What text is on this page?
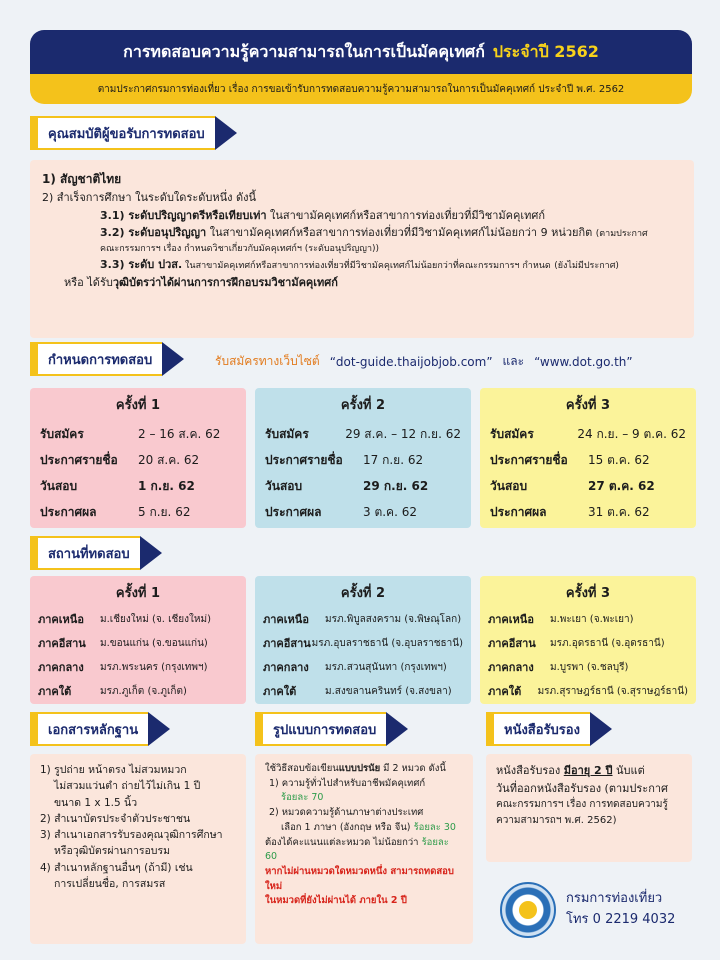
การทดสอบความรู้ความสามารถในการเป็นมัคคุเทศก์ ประจำปี 2562
ตามประกาศกรมการท่องเที่ยว เรื่อง การขอเข้ารับการทดสอบความรู้ความสามารถในการเป็นมัคคุเทศก์ ประจำปี พ.ศ. 2562
คุณสมบัติผู้ขอรับการทดสอบ
1) สัญชาติไทย
2) สำเร็จการศึกษา ในระดับใดระดับหนึ่ง ดังนี้
3.1) ระดับปริญญาตรีหรือเทียบเท่า ในสาขามัคคุเทศก์หรือสาขาการท่องเที่ยวที่มีวิชามัคคุเทศก์
3.2) ระดับอนุปริญญา ในสาขามัคคุเทศก์หรือสาขาการท่องเที่ยวที่มีวิชามัคคุเทศก์ไม่น้อยกว่า 9 หน่วยกิต (ตามประกาศ
คณะกรรมการฯ เรื่อง กำหนดวิชาเกี่ยวกับมัคคุเทศก์ฯ (ระดับอนุปริญญา))
3.3) ระดับ ปวส. ในสาขามัคคุเทศก์หรือสาขาการท่องเที่ยวที่มีวิชามัคคุเทศก์ไม่น้อยกว่าที่คณะกรรมการฯ กำหนด (ยังไม่มีประกาศ)
หรือ ได้รับวุฒิบัตรว่าได้ผ่านการการฝึกอบรมวิชามัคคุเทศก์
กำหนดการทดสอบ	รับสมัครทางเว็บไซต์ “dot-guide.thaijobjob.com” และ “www.dot.go.th”
ครั้งที่ 1
รับสมัคร	2 – 16 ส.ค. 62
ประกาศรายชื่อ	20 ส.ค. 62
วันสอบ	1 ก.ย. 62
ประกาศผล	5 ก.ย. 62
ครั้งที่ 2
รับสมัคร	29 ส.ค. – 12 ก.ย. 62
ประกาศรายชื่อ	17 ก.ย. 62
วันสอบ	29 ก.ย. 62
ประกาศผล	3 ต.ค. 62
ครั้งที่ 3
รับสมัคร	24 ก.ย. – 9 ต.ค. 62
ประกาศรายชื่อ	15 ต.ค. 62
วันสอบ	27 ต.ค. 62
ประกาศผล	31 ต.ค. 62
สถานที่ทดสอบ
ครั้งที่ 1
ภาคเหนือ	ม.เชียงใหม่ (จ. เชียงใหม่)
ภาคอีสาน	ม.ขอนแก่น (จ.ขอนแก่น)
ภาคกลาง	มรภ.พระนคร (กรุงเทพฯ)
ภาคใต้	มรภ.ภูเก็ต (จ.ภูเก็ต)
ครั้งที่ 2
ภาคเหนือ	มรภ.พิบูลสงคราม (จ.พิษณุโลก)
ภาคอีสาน มรภ.อุบลราชธานี (จ.อุบลราชธานี)
ภาคกลาง	มรภ.สวนสุนันทา (กรุงเทพฯ)
ภาคใต้	ม.สงขลานครินทร์ (จ.สงขลา)
ครั้งที่ 3
ภาคเหนือ	ม.พะเยา (จ.พะเยา)
ภาคอีสาน	มรภ.อุดรธานี (จ.อุดรธานี)
ภาคกลาง	ม.บูรพา (จ.ชลบุรี)
ภาคใต้	มรภ.สุราษฎร์ธานี (จ.สุราษฎร์ธานี)
เอกสารหลักฐาน	รูปแบบการทดสอบ	หนังสือรับรอง
1) รูปถ่าย หน้าตรง ไม่สวมหมวก
ไม่สวมแว่นตำ ถ่ายไว้ไม่เกิน 1 ปี
ขนาด 1 x 1.5 นิ้ว
2) สำเนาบัตรประจำตัวประชาชน
3) สำเนาเอกสารรับรองคุณวุฒิการศึกษา
หรือวุฒิบัตรผ่านการอบรม
4) สำเนาหลักฐานอื่นๆ (ถ้ามี) เช่น
การเปลี่ยนชื่อ, การสมรส
ใช้วิธีสอบข้อเขียนแบบปรนัย มี 2 หมวด ดังนี้
1) ความรู้ทั่วไปสำหรับอาชีพมัคคุเทศก์
ร้อยละ 70
2) หมวดความรู้ด้านภาษาต่างประเทศ
เลือก 1 ภาษา (อังกฤษ หรือ จีน) ร้อยละ 30
ต้องได้คะแนนแต่ละหมวด ไม่น้อยกว่า ร้อยละ 60
หากไม่ผ่านหมวดใดหมวดหนึ่ง สามารถทดสอบใหม่
ในหมวดที่ยังไม่ผ่านได้ ภายใน 2 ปี
หนังสือรับรอง มีอายุ 2 ปี นับแต่
วันที่ออกหนังสือรับรอง (ตามประกาศ
คณะกรรมการฯ เรื่อง การทดสอบความรู้
ความสามารถฯ พ.ศ. 2562)
กรมการท่องเที่ยว
โทร 0 2219 4032
